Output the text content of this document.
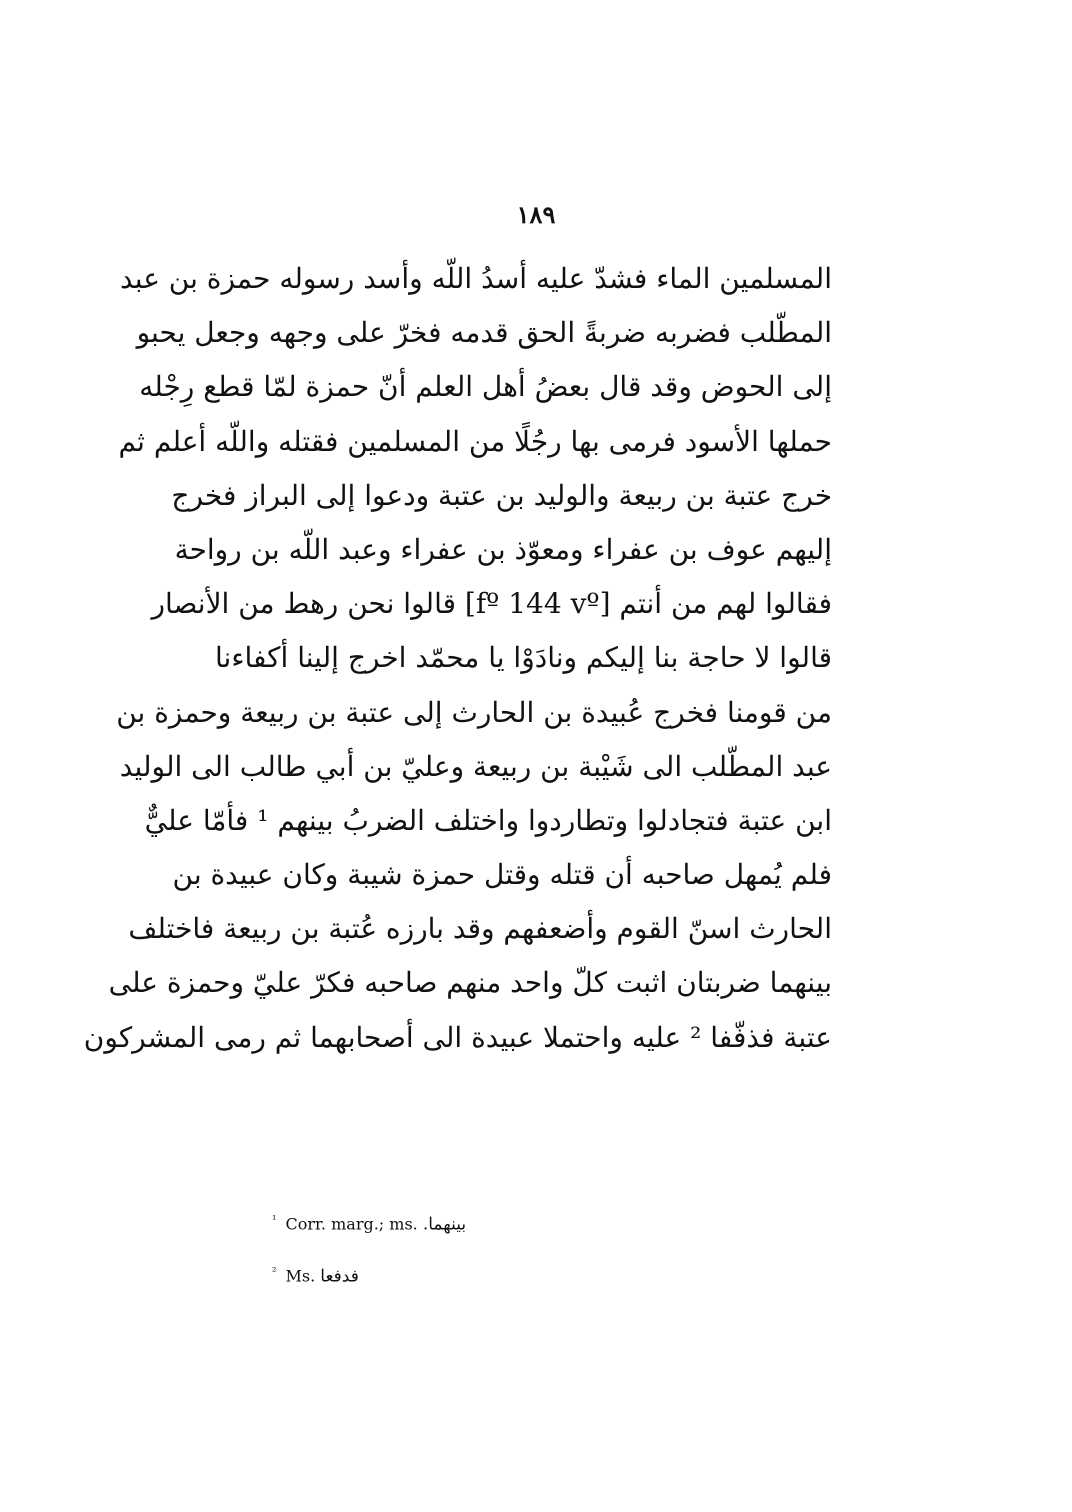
١٨٩
المسلمين الماء فشدّ عليه أسدُ اللّه وأسد رسوله حمزة بن عبد
المطّلب فضربه ضربةً الحق قدمه فخرّ على وجهه وجعل يحبو
إلى الحوض وقد قال بعضُ أهل العلم أنّ حمزة لمّا قطع رِجْله
حملها الأسود فرمى بها رجُلًا من المسلمين فقتله واللّه أعلم ثم
خرج عتبة بن ربيعة والوليد بن عتبة ودعوا إلى البراز فخرج
إليهم عوف بن عفراء ومعوّذ بن عفراء وعبد اللّه بن رواحة
فقالوا لهم من أنتم [fº 144 vº] قالوا نحن رهط من الأنصار
قالوا لا حاجة بنا إليكم ونادَوْا يا محمّد اخرج إلينا أكفاءنا
من قومنا فخرج عُبيدة بن الحارث إلى عتبة بن ربيعة وحمزة بن
عبد المطّلب الى شَيْبة بن ربيعة وعليّ بن أبي طالب الى الوليد
ابن عتبة فتجادلوا وتطاردوا واختلف الضربُ بينهم ¹ فأمّا عليٌّ
فلم يُمهل صاحبه أن قتله وقتل حمزة شيبة وكان عبيدة بن
الحارث اسنّ القوم وأضعفهم وقد بارزه عُتبة بن ربيعة فاختلف
بينهما ضربتان اثبت كلّ واحد منهم صاحبه فكرّ عليّ وحمزة على
عتبة فذفّفا ² عليه واحتملا عبيدة الى أصحابهما ثم رمى المشركون
$^{^1}$ Corr. marg.; ms. بينهما.
$^{^2}$ Ms. فدفعا
